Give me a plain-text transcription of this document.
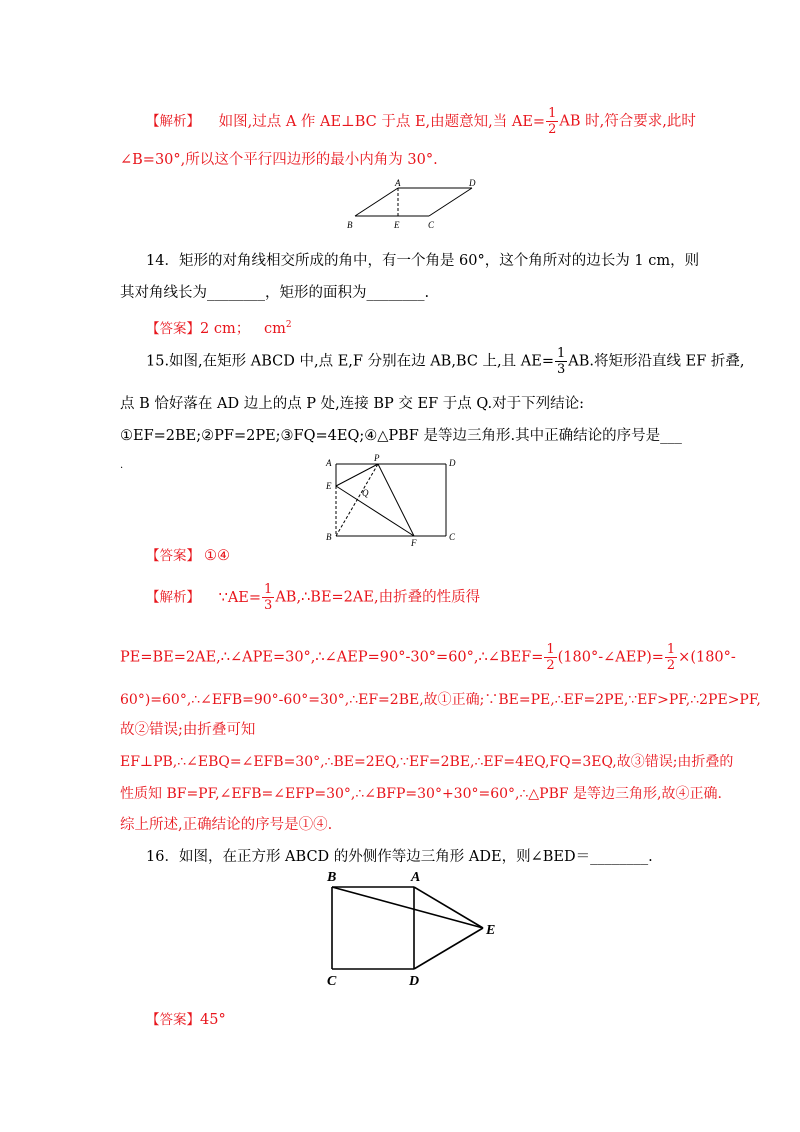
【解析】 如图,过点 A 作 AE⊥BC 于点 E,由题意知,当 $AE= \frac{1}{2}$ AB 时,符合要求,此时
∠B=30°,所以这个平行四边形的最小内角为 30°.
A	D
B	E	C
14．矩形的对角线相交所成的角中，有一个角是 60°，这个角所对的边长为 1 cm，则
其对角线长为________，矩形的面积为________.
【答案】2 cm； $cm^2$
15.如图,在矩形 ABCD 中,点 E,F 分别在边 AB,BC 上,且 $AE= \frac{1}{3}$ AB.将矩形沿直线 EF 折叠,
点 B 恰好落在 AD 边上的点 P 处,连接 BP 交 EF 于点 Q.对于下列结论:
①EF=2BE;②PF=2PE;③FQ=4EQ;④△PBF 是等边三角形.其中正确结论的序号是___
.	A	P	D
E
Q
B
F
C
【答案】 ①④
【解析】 ∵AE= $\frac{1}{3}$ AB,∴BE=2AE,由折叠的性质得
PE=BE=2AE,∴∠APE=30°,∴∠AEP=90°-30°=60°,∴∠BEF= $\frac{1}{2}$ (180°-∠AEP)= $\frac{1}{2} \times(180^\circ-$
60°)=60°,∴∠EFB=90°-60°=30°,∴EF=2BE,故①正确;∵BE=PE,∴EF=2PE,∵EF>PF,∴2PE>PF,
故②错误;由折叠可知
EF⊥PB,∴∠EBQ=∠EFB=30°,∴BE=2EQ,∵EF=2BE,∴EF=4EQ,FQ=3EQ,故③错误;由折叠的
性质知 BF=PF,∠EFB=∠EFP=30°,∴∠BFP=30°+30°=60°,∴△PBF 是等边三角形,故④正确.
综上所述,正确结论的序号是①④.
16．如图，在正方形 ABCD 的外侧作等边三角形 ADE，则∠BED＝________.
B	A
E
C	D
【答案】45°
